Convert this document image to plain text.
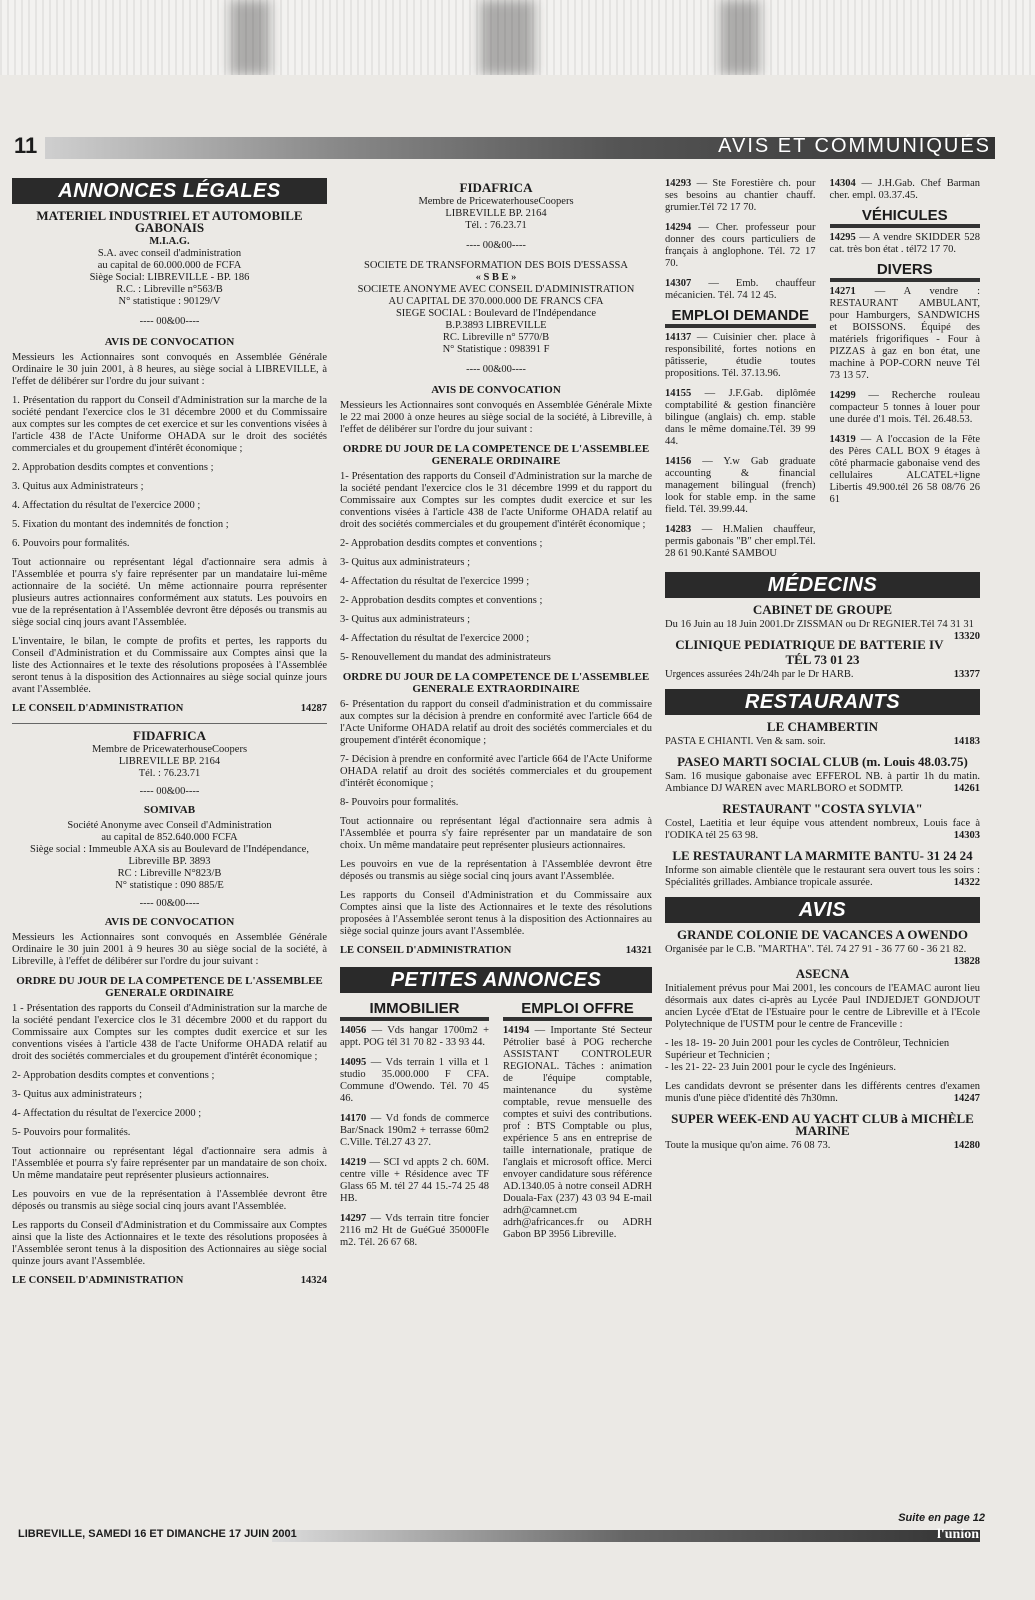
11	AVIS ET COMMUNIQUÉS
ANNONCES LÉGALES
MATERIEL INDUSTRIEL ET AUTOMOBILE GABONAIS
M.I.A.G.
S.A. avec conseil d'administration
au capital de 60.000.000 de FCFA
Siège Social: LIBREVILLE - BP. 186
R.C. : Libreville n°563/B
N° statistique : 90129/V
---- 00&00----
AVIS DE CONVOCATION

Messieurs les Actionnaires sont convoqués en Assemblée Générale Ordinaire le 30 juin 2001, à 8 heures, au siège social à LIBREVILLE, à l'effet de délibérer sur l'ordre du jour suivant :

1. Présentation du rapport du Conseil d'Administration sur la marche de la société pendant l'exercice clos le 31 décembre 2000 et du Commissaire aux comptes sur les comptes de cet exercice et sur les conventions visées à l'article 438 de l'Acte Uniforme OHADA sur le droit des sociétés commerciales et du groupement d'intérêt économique ;

2. Approbation desdits comptes et conventions ;

3. Quitus aux Administrateurs ;

4. Affectation du résultat de l'exercice 2000 ;

5. Fixation du montant des indemnités de fonction ;

6. Pouvoirs pour formalités.

Tout actionnaire ou représentant légal d'actionnaire sera admis à l'Assemblée et pourra s'y faire représenter par un mandataire lui-même actionnaire de la société. Un même actionnaire pourra représenter plusieurs autres actionnaires conformément aux statuts. Les pouvoirs en vue de la représentation à l'Assemblée devront être déposés ou transmis au siège social cinq jours avant l'Assemblée.

L'inventaire, le bilan, le compte de profits et pertes, les rapports du Conseil d'Administration et du Commissaire aux Comptes ainsi que la liste des Actionnaires et le texte des résolutions proposées à l'Assemblée seront tenus à la disposition des Actionnaires au siège social quinze jours avant l'Assemblée.

LE CONSEIL D'ADMINISTRATION	14287
FIDAFRICA
Membre de PricewaterhouseCoopers
LIBREVILLE BP. 2164
Tél. : 76.23.71
---- 00&00----
SOMIVAB
Société Anonyme avec Conseil d'Administration
au capital de 852.640.000 FCFA
Siège social : Immeuble AXA sis au Boulevard de l'Indépendance, Libreville BP. 3893
RC : Libreville N°823/B
N° statistique : 090 885/E
---- 00&00----
AVIS DE CONVOCATION

Messieurs les Actionnaires sont convoqués en Assemblée Générale Ordinaire le 30 juin 2001 à 9 heures 30 au siège social de la société, à Libreville, à l'effet de délibérer sur l'ordre du jour suivant :

ORDRE DU JOUR DE LA COMPETENCE DE L'ASSEMBLEE GENERALE ORDINAIRE

1 - Présentation des rapports du Conseil d'Administration sur la marche de la société pendant l'exercice clos le 31 décembre 2000 et du rapport du Commissaire aux Comptes sur les comptes dudit exercice et sur les conventions visées à l'article 438 de l'acte Uniforme OHADA relatif au droit des sociétés commerciales et du groupement d'intérêt économique ;

2- Approbation desdits comptes et conventions ;

3- Quitus aux administrateurs ;

4- Affectation du résultat de l'exercice 2000 ;

5- Pouvoirs pour formalités.

Tout actionnaire ou représentant légal d'actionnaire sera admis à l'Assemblée et pourra s'y faire représenter par un mandataire de son choix. Un même mandataire peut représenter plusieurs actionnaires.

Les pouvoirs en vue de la représentation à l'Assemblée devront être déposés ou transmis au siège social cinq jours avant l'Assemblée.

Les rapports du Conseil d'Administration et du Commissaire aux Comptes ainsi que la liste des Actionnaires et le texte des résolutions proposées à l'Assemblée seront tenus à la disposition des Actionnaires au siège social quinze jours avant l'Assemblée.

LE CONSEIL D'ADMINISTRATION	14324
FIDAFRICA
Membre de PricewaterhouseCoopers
LIBREVILLE BP. 2164
Tél. : 76.23.71
---- 00&00----
SOCIETE DE TRANSFORMATION DES BOIS D'ESSASSA
« S B E »
SOCIETE ANONYME AVEC CONSEIL D'ADMINISTRATION
AU CAPITAL DE 370.000.000 DE FRANCS CFA
SIEGE SOCIAL : Boulevard de l'Indépendance
B.P.3893 LIBREVILLE
RC. Libreville n° 5770/B
N° Statistique : 098391 F
---- 00&00----
AVIS DE CONVOCATION

Messieurs les Actionnaires sont convoqués en Assemblée Générale Mixte le 22 mai 2000 à onze heures au siège social de la société, à Libreville, à l'effet de délibérer sur l'ordre du jour suivant :

ORDRE DU JOUR DE LA COMPETENCE DE L'ASSEMBLEE GENERALE ORDINAIRE

1- Présentation des rapports du Conseil d'Administration sur la marche de la société pendant l'exercice clos le 31 décembre 1999 et du rapport du Commissaire aux Comptes sur les comptes dudit exercice et sur les conventions visées à l'article 438 de l'acte Uniforme OHADA relatif au droit des sociétés commerciales et du groupement d'intérêt économique ;

2- Approbation desdits comptes et conventions ;

3- Quitus aux administrateurs ;

4- Affectation du résultat de l'exercice 1999 ;

2- Approbation desdits comptes et conventions ;

3- Quitus aux administrateurs ;

4- Affectation du résultat de l'exercice 2000 ;

5- Renouvellement du mandat des administrateurs

ORDRE DU JOUR DE LA COMPETENCE DE L'ASSEMBLEE GENERALE EXTRAORDINAIRE

6- Présentation du rapport du conseil d'administration et du commissaire aux comptes sur la décision à prendre en conformité avec l'article 664 de l'Acte Uniforme OHADA relatif au droit des sociétés commerciales et du groupement d'intérêt économique ;

7- Décision à prendre en conformité avec l'article 664 de l'Acte Uniforme OHADA relatif au droit des sociétés commerciales et du groupement d'intérêt économique ;

8- Pouvoirs pour formalités.

Tout actionnaire ou représentant légal d'actionnaire sera admis à l'Assemblée et pourra s'y faire représenter par un mandataire de son choix. Un même mandataire peut représenter plusieurs actionnaires.

Les pouvoirs en vue de la représentation à l'Assemblée devront être déposés ou transmis au siège social cinq jours avant l'Assemblée.

Les rapports du Conseil d'Administration et du Commissaire aux Comptes ainsi que la liste des Actionnaires et le texte des résolutions proposées à l'Assemblée seront tenus à la disposition des Actionnaires au siège social quinze jours avant l'Assemblée.

LE CONSEIL D'ADMINISTRATION	14321
PETITES ANNONCES
IMMOBILIER
14056 — Vds hangar 1700m2 + appt. POG tél 31 70 82 - 33 93 44.
14095 — Vds terrain 1 villa et 1 studio 35.000.000 F CFA. Commune d'Owendo. Tél. 70 45 46.
14170 — Vd fonds de commerce Bar/Snack 190m2 + terrasse 60m2 C.Ville. Tél.27 43 27.
14219 — SCI vd appts 2 ch. 60M. centre ville + Résidence avec TF Glass 65 M. tél 27 44 15.-74 25 48 HB.
14297 — Vds terrain titre foncier 2116 m2 Ht de GuéGué 35000Fle m2. Tél. 26 67 68.
EMPLOI OFFRE
14194 — Importante Sté Secteur Pétrolier basé à POG recherche ASSISTANT CONTROLEUR REGIONAL. Tâches : animation de l'équipe comptable, maintenance du système comptable, revue mensuelle des comptes et suivi des contributions. prof : BTS Comptable ou plus, expérience 5 ans en entreprise de taille internationale, pratique de l'anglais et microsoft office. Merci envoyer candidature sous référence AD.1340.05 à notre conseil ADRH Douala-Fax (237) 43 03 94 E-mail adrh@camnet.cm adrh@africances.fr ou ADRH Gabon BP 3956 Libreville.
14293 — Ste Forestière ch. pour ses besoins au chantier chauff. grumier.Tél 72 17 70.
14294 — Cher. professeur pour donner des cours particuliers de français à anglophone. Tél. 72 17 70.
14307 — Emb. chauffeur mécanicien. Tél. 74 12 45.
EMPLOI DEMANDE
14137 — Cuisinier cher. place à responsibilité, fortes notions en pâtisserie, étudie toutes propositions. Tél. 37.13.96.
14155 — J.F.Gab. diplômée comptabilité & gestion financière bilingue (anglais) ch. emp. stable dans le même domaine.Tél. 39 99 44.
14156 — Y.w Gab graduate accounting & financial management bilingual (french) look for stable emp. in the same field. Tél. 39.99.44.
14283 — H.Malien chauffeur, permis gabonais "B" cher empl.Tél. 28 61 90.Kanté SAMBOU
14304 — J.H.Gab. Chef Barman cher. empl. 03.37.45.
VÉHICULES
14295 — A vendre SKIDDER 528 cat. très bon état . tél72 17 70.
DIVERS
14271 — A vendre : RESTAURANT AMBULANT, pour Hamburgers, SANDWICHS et BOISSONS. Équipé des matériels frigorifiques - Four à PIZZAS à gaz en bon état, une machine à POP-CORN neuve Tél 73 13 57.
14299 — Recherche rouleau compacteur 5 tonnes à louer pour une durée d'1 mois. Tél. 26.48.53.
14319 — A l'occasion de la Fête des Pères CALL BOX 9 étages à côté pharmacie gabonaise vend des cellulaires ALCATEL+ligne Libertis 49.900.tél 26 58 08/76 26 61
MÉDECINS
CABINET DE GROUPE
Du 16 Juin au 18 Juin 2001.Dr ZISSMAN ou Dr REGNIER.Tél 74 31 31
13320
CLINIQUE PEDIATRIQUE DE BATTERIE IV
TÉL 73 01 23
Urgences assurées 24h/24h par le Dr HARB.	13377
RESTAURANTS
LE CHAMBERTIN
PASTA E CHIANTI. Ven & sam. soir.	14183
PASEO MARTI SOCIAL CLUB (m. Louis 48.03.75)
Sam. 16 musique gabonaise avec EFFEROL NB. à partir 1h du matin. Ambiance DJ WAREN avec MARLBORO et SODMTP.	14261
RESTAURANT "COSTA SYLVIA"
Costel, Laetitia et leur équipe vous attendent nombreux, Louis face à l'ODIKA tél 25 63 98.	14303
LE RESTAURANT LA MARMITE BANTU- 31 24 24
Informe son aimable clientèle que le restaurant sera ouvert tous les soirs : Spécialités grillades. Ambiance tropicale assurée.	14322
AVIS
GRANDE COLONIE DE VACANCES A OWENDO
Organisée par le C.B. "MARTHA". Tél. 74 27 91 - 36 77 60 - 36 21 82.
13828
ASECNA

Initialement prévus pour Mai 2001, les concours de l'EAMAC auront lieu désormais aux dates ci-après au Lycée Paul INDJEDJET GONDJOUT ancien Lycée d'Etat de l'Estuaire pour le centre de Libreville et à l'Ecole Polytechnique de l'USTM pour le centre de Franceville :

- les 18- 19- 20 Juin 2001 pour les cycles de Contrôleur, Technicien Supérieur et Technicien ;
- les 21- 22- 23 Juin 2001 pour le cycle des Ingénieurs.
Les candidats devront se présenter dans les différents centres d'examen munis d'une pièce d'identité dès 7h30mn.	14247
SUPER WEEK-END AU YACHT CLUB à MICHÈLE MARINE
Toute la musique qu'on aime. 76 08 73.	14280
LIBREVILLE, SAMEDI 16 ET DIMANCHE 17 JUIN 2001
Suite en page 12
l'union
